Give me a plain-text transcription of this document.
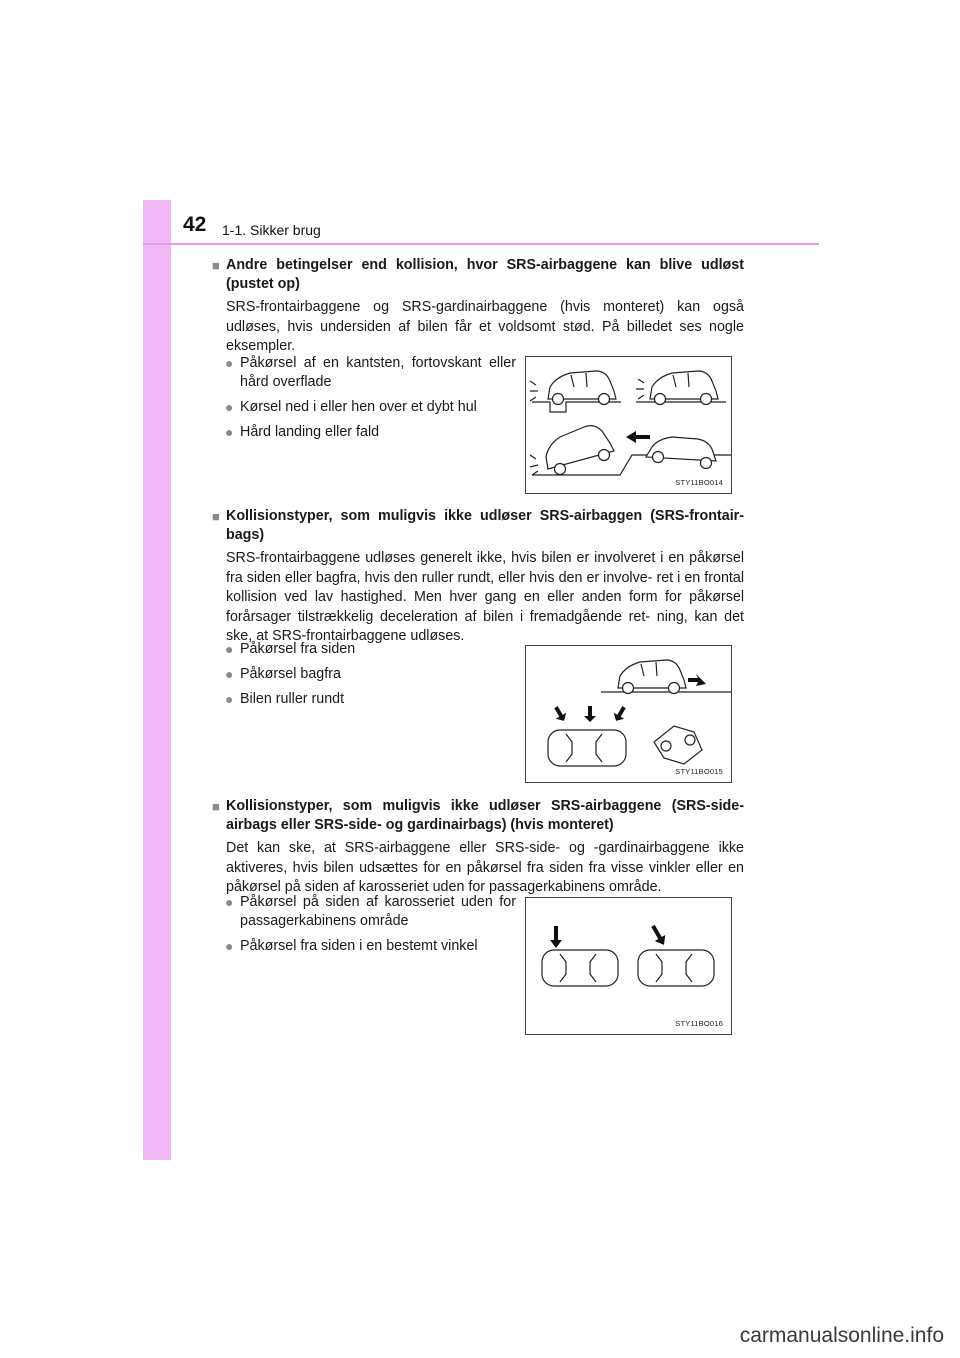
42 1-1. Sikker brug
■ Andre betingelser end kollision, hvor SRS-airbaggene kan blive udløst (pustet op)
SRS-frontairbaggene og SRS-gardinairbaggene (hvis monteret) kan også udløses, hvis undersiden af bilen får et voldsomt stød. På billedet ses nogle eksempler.
● Påkørsel af en kantsten, fortovskant eller hård overflade
● Kørsel ned i eller hen over et dybt hul
● Hård landing eller fald
STY11BO014
■ Kollisionstyper, som muligvis ikke udløser SRS-airbaggen (SRS-frontair- bags)
SRS-frontairbaggene udløses generelt ikke, hvis bilen er involveret i en påkørsel fra siden eller bagfra, hvis den ruller rundt, eller hvis den er involve- ret i en frontal kollision ved lav hastighed. Men hver gang en eller anden form for påkørsel forårsager tilstrækkelig deceleration af bilen i fremadgående ret- ning, kan det ske, at SRS-frontairbaggene udløses.
● Påkørsel fra siden
● Påkørsel bagfra
● Bilen ruller rundt
STY11BO015
■ Kollisionstyper, som muligvis ikke udløser SRS-airbaggene (SRS-side- airbags eller SRS-side- og gardinairbags) (hvis monteret)
Det kan ske, at SRS-airbaggene eller SRS-side- og -gardinairbaggene ikke aktiveres, hvis bilen udsættes for en påkørsel fra siden fra visse vinkler eller en påkørsel på siden af karosseriet uden for passagerkabinens område.
● Påkørsel på siden af karosseriet uden for passagerkabinens område
● Påkørsel fra siden i en bestemt vinkel
STY11BO016
carmanualsonline.info
